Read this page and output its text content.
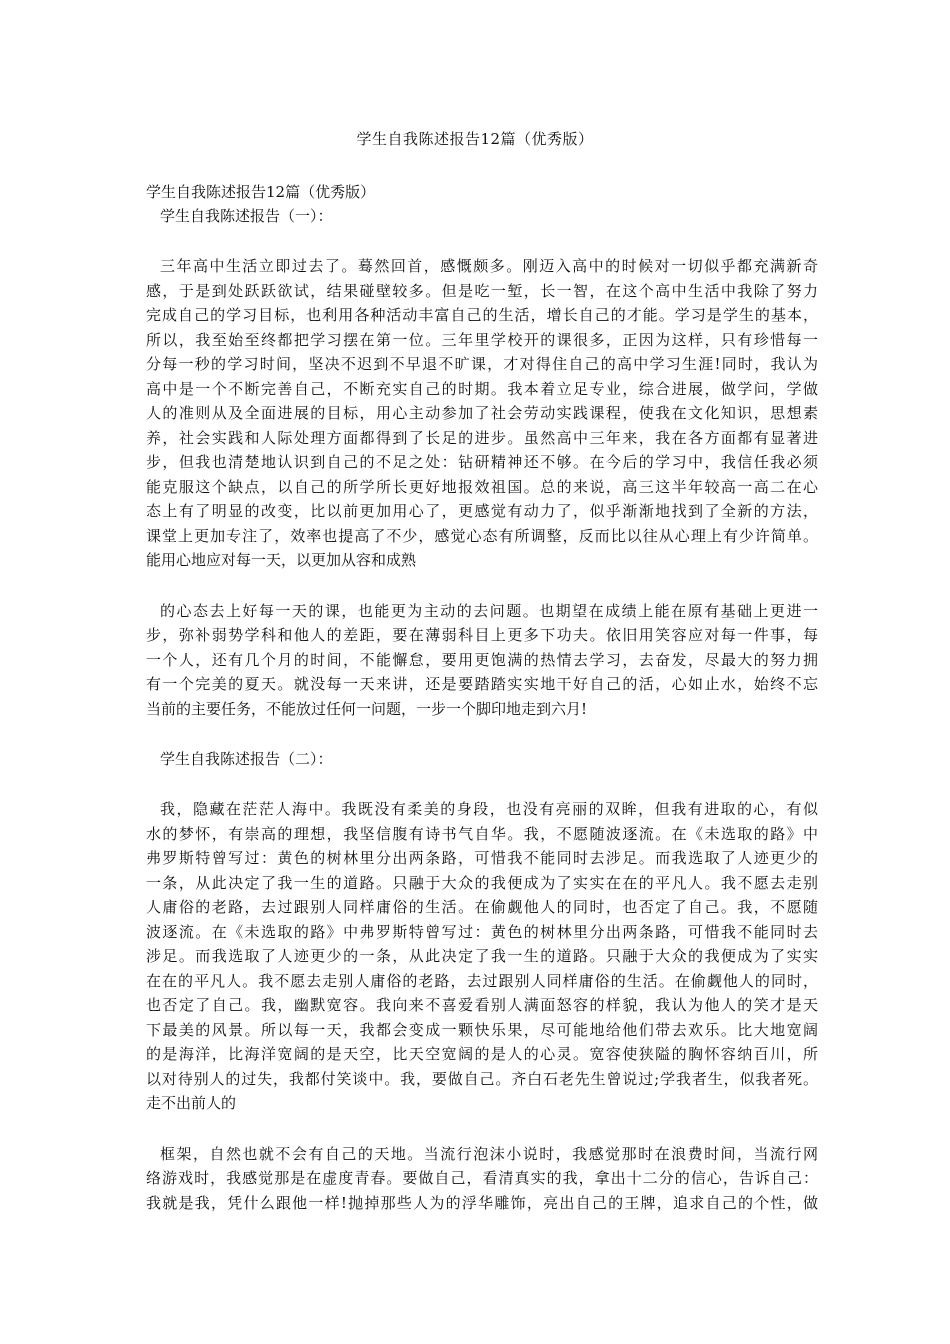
学生自我陈述报告12篇（优秀版）
学生自我陈述报告12篇（优秀版）
学生自我陈述报告（一）：
三年高中生活立即过去了。蓦然回首，感慨颇多。刚迈入高中的时候对一切似乎都充满新奇
感，于是到处跃跃欲试，结果碰壁较多。但是吃一堑，长一智，在这个高中生活中我除了努力
完成自己的学习目标，也利用各种活动丰富自己的生活，增长自己的才能。学习是学生的基本，
所以，我至始至终都把学习摆在第一位。三年里学校开的课很多，正因为这样，只有珍惜每一
分每一秒的学习时间，坚决不迟到不早退不旷课，才对得住自己的高中学习生涯!同时，我认为
高中是一个不断完善自己，不断充实自己的时期。我本着立足专业，综合进展，做学问，学做
人的准则从及全面进展的目标，用心主动参加了社会劳动实践课程，使我在文化知识，思想素
养，社会实践和人际处理方面都得到了长足的进步。虽然高中三年来，我在各方面都有显著进
步，但我也清楚地认识到自己的不足之处：钻研精神还不够。在今后的学习中，我信任我必须
能克服这个缺点，以自己的所学所长更好地报效祖国。总的来说，高三这半年较高一高二在心
态上有了明显的改变，比以前更加用心了，更感觉有动力了，似乎渐渐地找到了全新的方法，
课堂上更加专注了，效率也提高了不少，感觉心态有所调整，反而比以往从心理上有少许简单。
能用心地应对每一天，以更加从容和成熟
的心态去上好每一天的课，也能更为主动的去问题。也期望在成绩上能在原有基础上更进一
步，弥补弱势学科和他人的差距，要在薄弱科目上更多下功夫。依旧用笑容应对每一件事，每
一个人，还有几个月的时间，不能懈怠，要用更饱满的热情去学习，去奋发，尽最大的努力拥
有一个完美的夏天。就没每一天来讲，还是要踏踏实实地干好自己的活，心如止水，始终不忘
当前的主要任务，不能放过任何一问题，一步一个脚印地走到六月!
学生自我陈述报告（二）：
我，隐藏在茫茫人海中。我既没有柔美的身段，也没有亮丽的双眸，但我有进取的心，有似
水的梦怀，有崇高的理想，我坚信腹有诗书气自华。我，不愿随波逐流。在《未选取的路》中
弗罗斯特曾写过：黄色的树林里分出两条路，可惜我不能同时去涉足。而我选取了人迹更少的
一条，从此决定了我一生的道路。只融于大众的我便成为了实实在在的平凡人。我不愿去走别
人庸俗的老路，去过跟别人同样庸俗的生活。在偷觑他人的同时，也否定了自己。我，不愿随
波逐流。在《未选取的路》中弗罗斯特曾写过：黄色的树林里分出两条路，可惜我不能同时去
涉足。而我选取了人迹更少的一条，从此决定了我一生的道路。只融于大众的我便成为了实实
在在的平凡人。我不愿去走别人庸俗的老路，去过跟别人同样庸俗的生活。在偷觑他人的同时，
也否定了自己。我，幽默宽容。我向来不喜爱看别人满面怒容的样貌，我认为他人的笑才是天
下最美的风景。所以每一天，我都会变成一颗快乐果，尽可能地给他们带去欢乐。比大地宽阔
的是海洋，比海洋宽阔的是天空，比天空宽阔的是人的心灵。宽容使狭隘的胸怀容纳百川，所
以对待别人的过失，我都付笑谈中。我，要做自己。齐白石老先生曾说过;学我者生，似我者死。
走不出前人的
框架，自然也就不会有自己的天地。当流行泡沫小说时，我感觉那时在浪费时间，当流行网
络游戏时，我感觉那是在虚度青春。要做自己，看清真实的我，拿出十二分的信心，告诉自己：
我就是我，凭什么跟他一样!抛掉那些人为的浮华雕饰，亮出自己的王牌，追求自己的个性，做
